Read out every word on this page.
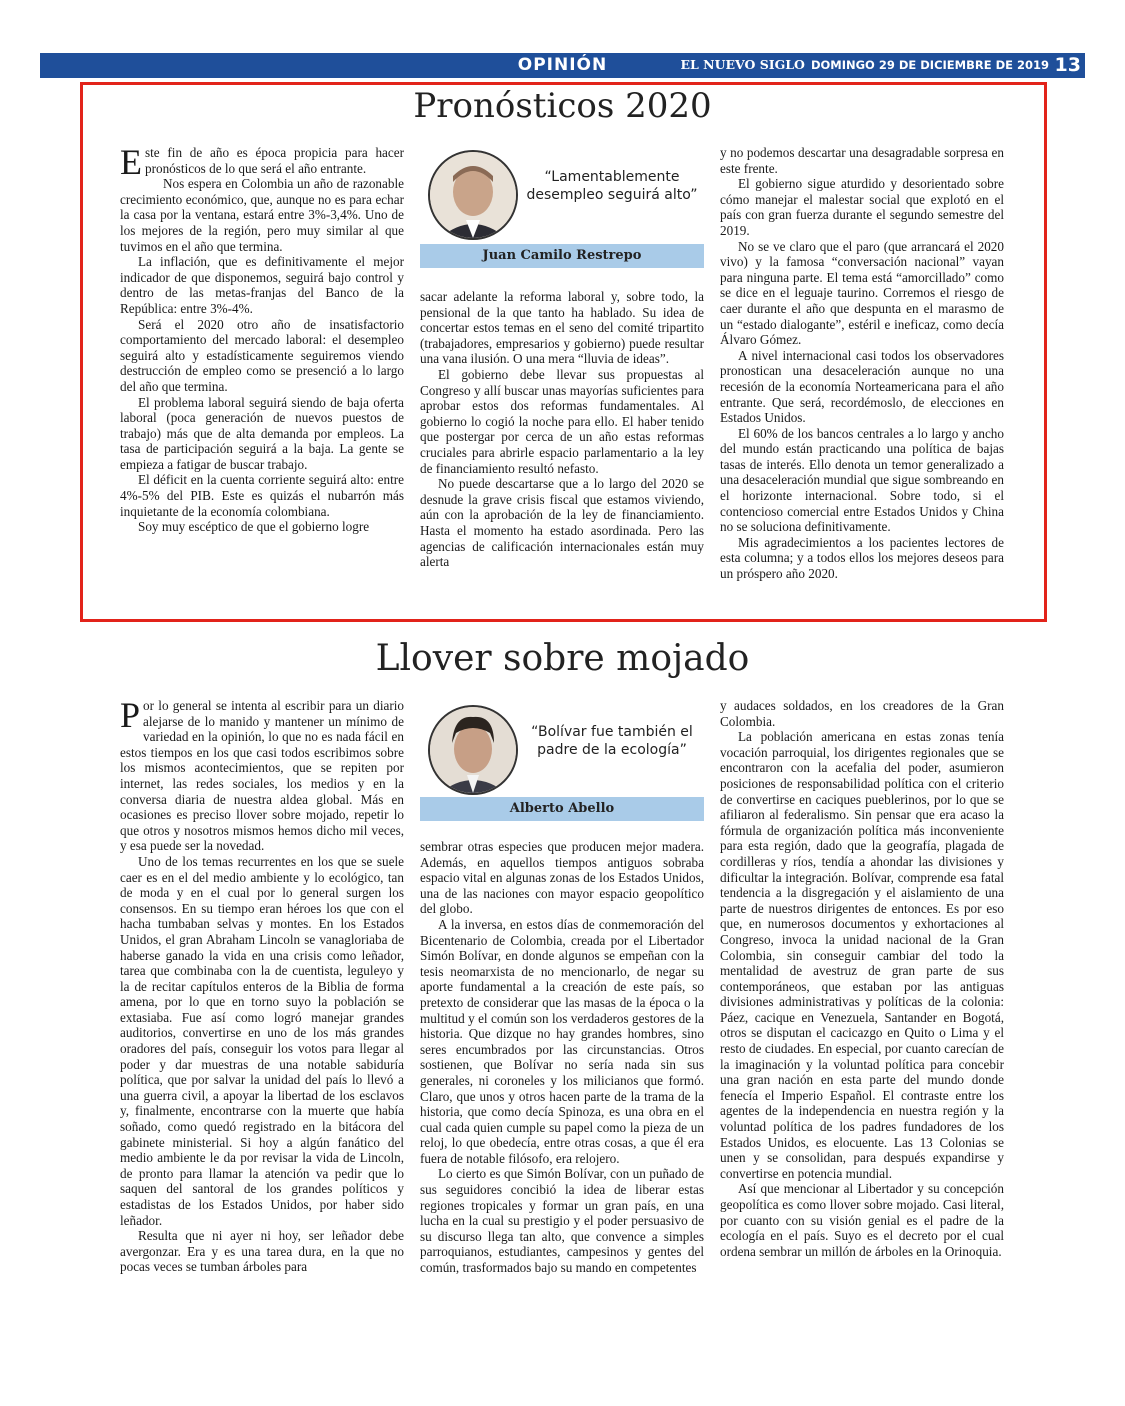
OPINIÓN	EL NUEVO SIGLO DOMINGO 29 DE DICIEMBRE DE 2019 13
Pronósticos 2020

Este fin de año es época propicia para hacer pronósticos de lo que será el año entrante.

Nos espera en Colombia un año de razonable crecimiento económico, que, aunque no es para echar la casa por la ventana, estará entre 3%-3,4%. Uno de los mejores de la región, pero muy similar al que tuvimos en el año que termina.

La inflación, que es definitivamente el mejor indicador de que disponemos, seguirá bajo control y dentro de las metas-franjas del Banco de la República: entre 3%-4%.

Será el 2020 otro año de insatisfactorio comportamiento del mercado laboral: el desempleo seguirá alto y estadísticamente seguiremos viendo destrucción de empleo como se presenció a lo largo del año que termina.

El problema laboral seguirá siendo de baja oferta laboral (poca generación de nuevos puestos de trabajo) más que de alta demanda por empleos. La tasa de participación seguirá a la baja. La gente se empieza a fatigar de buscar trabajo.

El déficit en la cuenta corriente seguirá alto: entre 4%-5% del PIB. Este es quizás el nubarrón más inquietante de la economía colombiana.

Soy muy escéptico de que el gobierno logre

“Lamentablemente desempleo seguirá alto”
Juan Camilo Restrepo

sacar adelante la reforma laboral y, sobre todo, la pensional de la que tanto ha hablado. Su idea de concertar estos temas en el seno del comité tripartito (trabajadores, empresarios y gobierno) puede resultar una vana ilusión. O una mera “lluvia de ideas”.

El gobierno debe llevar sus propuestas al Congreso y allí buscar unas mayorías suficientes para aprobar estos dos reformas fundamentales. Al gobierno lo cogió la noche para ello. El haber tenido que postergar por cerca de un año estas reformas cruciales para abrirle espacio parlamentario a la ley de financiamiento resultó nefasto.

No puede descartarse que a lo largo del 2020 se desnude la grave crisis fiscal que estamos viviendo, aún con la aprobación de la ley de financiamiento. Hasta el momento ha estado asordinada. Pero las agencias de calificación internacionales están muy alerta

y no podemos descartar una desagradable sorpresa en este frente.

El gobierno sigue aturdido y desorientado sobre cómo manejar el malestar social que explotó en el país con gran fuerza durante el segundo semestre del 2019.

No se ve claro que el paro (que arrancará el 2020 vivo) y la famosa “conversación nacional” vayan para ninguna parte. El tema está “amorcillado” como se dice en el leguaje taurino. Corremos el riesgo de caer durante el año que despunta en el marasmo de un “estado dialogante”, estéril e ineficaz, como decía Álvaro Gómez.

A nivel internacional casi todos los observadores pronostican una desaceleración aunque no una recesión de la economía Norteamericana para el año entrante. Que será, recordémoslo, de elecciones en Estados Unidos.

El 60% de los bancos centrales a lo largo y ancho del mundo están practicando una política de bajas tasas de interés. Ello denota un temor generalizado a una desaceleración mundial que sigue sombreando en el horizonte internacional. Sobre todo, si el contencioso comercial entre Estados Unidos y China no se soluciona definitivamente.

Mis agradecimientos a los pacientes lectores de esta columna; y a todos ellos los mejores deseos para un próspero año 2020.

Llover sobre mojado

Por lo general se intenta al escribir para un diario alejarse de lo manido y mantener un mínimo de variedad en la opinión, lo que no es nada fácil en estos tiempos en los que casi todos escribimos sobre los mismos acontecimientos, que se repiten por internet, las redes sociales, los medios y en la conversa diaria de nuestra aldea global. Más en ocasiones es preciso llover sobre mojado, repetir lo que otros y nosotros mismos hemos dicho mil veces, y esa puede ser la novedad.

Uno de los temas recurrentes en los que se suele caer es en el del medio ambiente y lo ecológico, tan de moda y en el cual por lo general surgen los consensos. En su tiempo eran héroes los que con el hacha tumbaban selvas y montes. En los Estados Unidos, el gran Abraham Lincoln se vanagloriaba de haberse ganado la vida en una crisis como leñador, tarea que combinaba con la de cuentista, leguleyo y la de recitar capítulos enteros de la Biblia de forma amena, por lo que en torno suyo la población se extasiaba. Fue así como logró manejar grandes auditorios, convertirse en uno de los más grandes oradores del país, conseguir los votos para llegar al poder y dar muestras de una notable sabiduría política, que por salvar la unidad del país lo llevó a una guerra civil, a apoyar la libertad de los esclavos y, finalmente, encontrarse con la muerte que había soñado, como quedó registrado en la bitácora del gabinete ministerial. Si hoy a algún fanático del medio ambiente le da por revisar la vida de Lincoln, de pronto para llamar la atención va pedir que lo saquen del santoral de los grandes políticos y estadistas de los Estados Unidos, por haber sido leñador.

Resulta que ni ayer ni hoy, ser leñador debe avergonzar. Era y es una tarea dura, en la que no pocas veces se tumban árboles para

“Bolívar fue también el padre de la ecología”
Alberto Abello

sembrar otras especies que producen mejor madera. Además, en aquellos tiempos antiguos sobraba espacio vital en algunas zonas de los Estados Unidos, una de las naciones con mayor espacio geopolítico del globo.

A la inversa, en estos días de conmemoración del Bicentenario de Colombia, creada por el Libertador Simón Bolívar, en donde algunos se empeñan con la tesis neomarxista de no mencionarlo, de negar su aporte fundamental a la creación de este país, so pretexto de considerar que las masas de la época o la multitud y el común son los verdaderos gestores de la historia. Que dizque no hay grandes hombres, sino seres encumbrados por las circunstancias. Otros sostienen, que Bolívar no sería nada sin sus generales, ni coroneles y los milicianos que formó. Claro, que unos y otros hacen parte de la trama de la historia, que como decía Spinoza, es una obra en el cual cada quien cumple su papel como la pieza de un reloj, lo que obedecía, entre otras cosas, a que él era fuera de notable filósofo, era relojero.

Lo cierto es que Simón Bolívar, con un puñado de sus seguidores concibió la idea de liberar estas regiones tropicales y formar un gran país, en una lucha en la cual su prestigio y el poder persuasivo de su discurso llega tan alto, que convence a simples parroquianos, estudiantes, campesinos y gentes del común, trasformados bajo su mando en competentes

y audaces soldados, en los creadores de la Gran Colombia.

La población americana en estas zonas tenía vocación parroquial, los dirigentes regionales que se encontraron con la acefalia del poder, asumieron posiciones de responsabilidad política con el criterio de convertirse en caciques pueblerinos, por lo que se afiliaron al federalismo. Sin pensar que era acaso la fórmula de organización política más inconveniente para esta región, dado que la geografía, plagada de cordilleras y ríos, tendía a ahondar las divisiones y dificultar la integración. Bolívar, comprende esa fatal tendencia a la disgregación y el aislamiento de una parte de nuestros dirigentes de entonces. Es por eso que, en numerosos documentos y exhortaciones al Congreso, invoca la unidad nacional de la Gran Colombia, sin conseguir cambiar del todo la mentalidad de avestruz de gran parte de sus contemporáneos, que estaban por las antiguas divisiones administrativas y políticas de la colonia: Páez, cacique en Venezuela, Santander en Bogotá, otros se disputan el cacicazgo en Quito o Lima y el resto de ciudades. En especial, por cuanto carecían de la imaginación y la voluntad política para concebir una gran nación en esta parte del mundo donde fenecía el Imperio Español. El contraste entre los agentes de la independencia en nuestra región y la voluntad política de los padres fundadores de los Estados Unidos, es elocuente. Las 13 Colonias se unen y se consolidan, para después expandirse y convertirse en potencia mundial.

Así que mencionar al Libertador y su concepción geopolítica es como llover sobre mojado. Casi literal, por cuanto con su visión genial es el padre de la ecología en el país. Suyo es el decreto por el cual ordena sembrar un millón de árboles en la Orinoquia.
